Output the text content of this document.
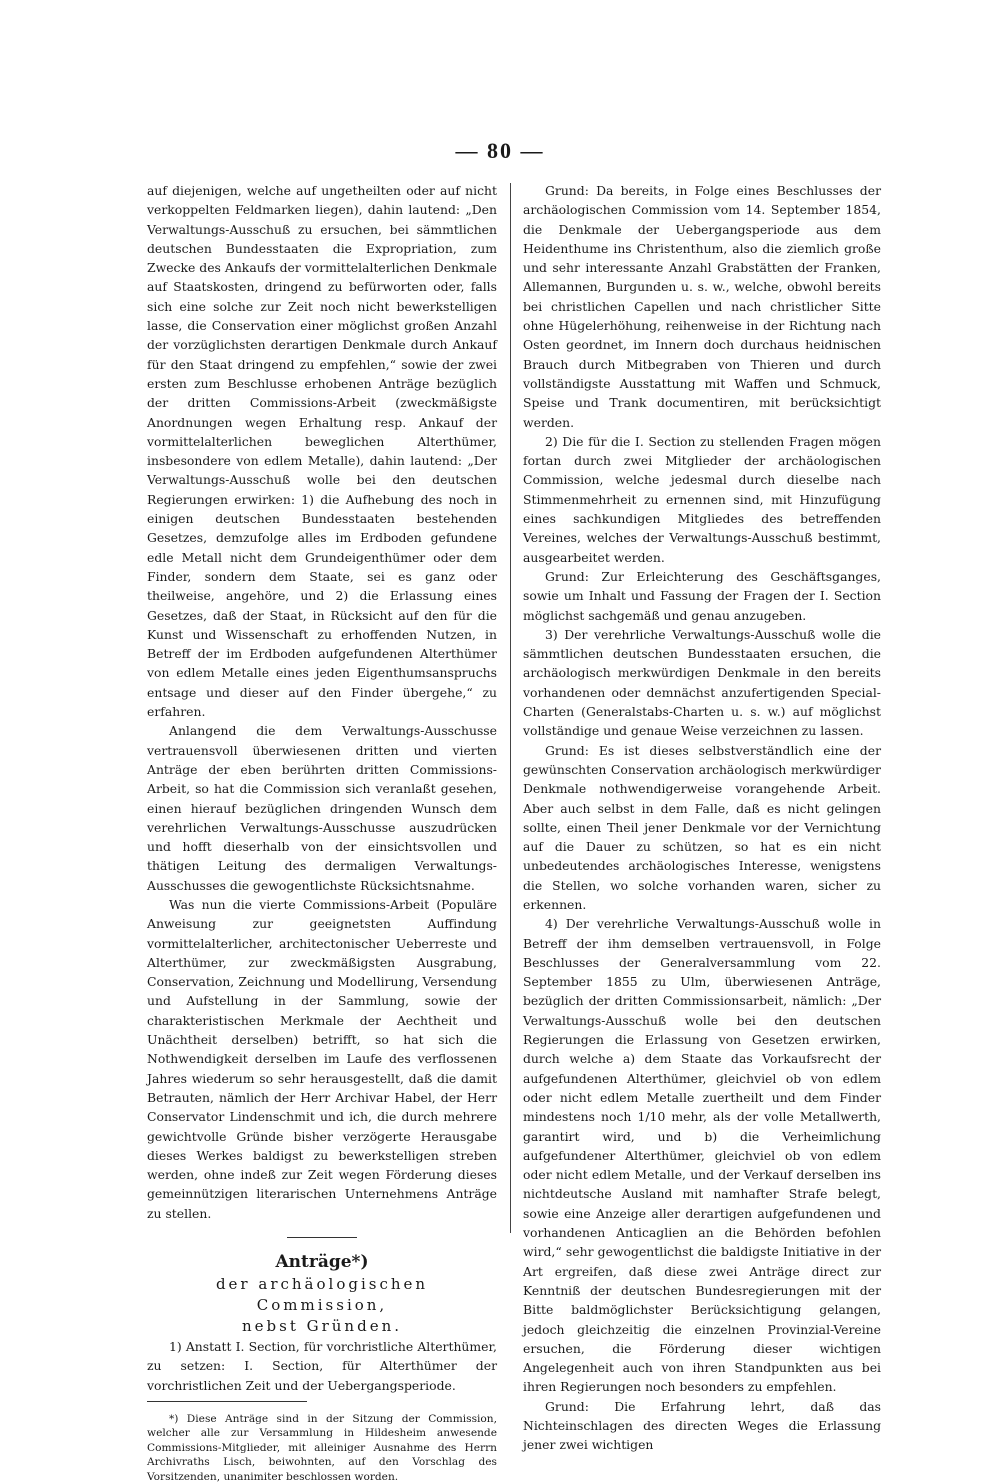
— 80 —

auf diejenigen, welche auf ungetheilten oder auf nicht verkoppelten Feldmarken liegen), dahin lautend: „Den Verwaltungs-Ausschuß zu ersuchen, bei sämmtlichen deutschen Bundesstaaten die Expropriation, zum Zwecke des Ankaufs der vormittelalterlichen Denkmale auf Staatskosten, dringend zu befürworten oder, falls sich eine solche zur Zeit noch nicht bewerkstelligen lasse, die Conservation einer möglichst großen Anzahl der vorzüglichsten derartigen Denkmale durch Ankauf für den Staat dringend zu empfehlen,“ sowie der zwei ersten zum Beschlusse erhobenen Anträge bezüglich der dritten Commissions-Arbeit (zweckmäßigste Anordnungen wegen Erhaltung resp. Ankauf der vormittelalterlichen beweglichen Alterthümer, insbesondere von edlem Metalle), dahin lautend: „Der Verwaltungs-Ausschuß wolle bei den deutschen Regierungen erwirken: 1) die Aufhebung des noch in einigen deutschen Bundesstaaten bestehenden Gesetzes, demzufolge alles im Erdboden gefundene edle Metall nicht dem Grundeigenthümer oder dem Finder, sondern dem Staate, sei es ganz oder theilweise, angehöre, und 2) die Erlassung eines Gesetzes, daß der Staat, in Rücksicht auf den für die Kunst und Wissenschaft zu erhoffenden Nutzen, in Betreff der im Erdboden aufgefundenen Alterthümer von edlem Metalle eines jeden Eigenthumsanspruchs entsage und dieser auf den Finder übergehe,“ zu erfahren.

Anlangend die dem Verwaltungs-Ausschusse vertrauensvoll überwiesenen dritten und vierten Anträge der eben berührten dritten Commissions-Arbeit, so hat die Commission sich veranlaßt gesehen, einen hierauf bezüglichen dringenden Wunsch dem verehrlichen Verwaltungs-Ausschusse auszudrücken und hofft dieserhalb von der einsichtsvollen und thätigen Leitung des dermaligen Verwaltungs-Ausschusses die gewogentlichste Rücksichtsnahme.

Was nun die vierte Commissions-Arbeit (Populäre Anweisung zur geeignetsten Auffindung vormittelalterlicher, architectonischer Ueberreste und Alterthümer, zur zweckmäßigsten Ausgrabung, Conservation, Zeichnung und Modellirung, Versendung und Aufstellung in der Sammlung, sowie der charakteristischen Merkmale der Aechtheit und Unächtheit derselben) betrifft, so hat sich die Nothwendigkeit derselben im Laufe des verflossenen Jahres wiederum so sehr herausgestellt, daß die damit Betrauten, nämlich der Herr Archivar Habel, der Herr Conservator Lindenschmit und ich, die durch mehrere gewichtvolle Gründe bisher verzögerte Herausgabe dieses Werkes baldigst zu bewerkstelligen streben werden, ohne indeß zur Zeit wegen Förderung dieses gemeinnützigen literarischen Unternehmens Anträge zu stellen.

Anträge*)

der archäologischen Commission,

nebst Gründen.

1) Anstatt I. Section, für vorchristliche Alterthümer, zu setzen: I. Section, für Alterthümer der vorchristlichen Zeit und der Uebergangsperiode.

*) Diese Anträge sind in der Sitzung der Commission, welcher alle zur Versammlung in Hildesheim anwesende Commissions-Mitglieder, mit alleiniger Ausnahme des Herrn Archivraths Lisch, beiwohnten, auf den Vorschlag des Vorsitzenden, unanimiter beschlossen worden.

Grund: Da bereits, in Folge eines Beschlusses der archäologischen Commission vom 14. September 1854, die Denkmale der Uebergangsperiode aus dem Heidenthume ins Christenthum, also die ziemlich große und sehr interessante Anzahl Grabstätten der Franken, Allemannen, Burgunden u. s. w., welche, obwohl bereits bei christlichen Capellen und nach christlicher Sitte ohne Hügelerhöhung, reihenweise in der Richtung nach Osten geordnet, im Innern doch durchaus heidnischen Brauch durch Mitbegraben von Thieren und durch vollständigste Ausstattung mit Waffen und Schmuck, Speise und Trank documentiren, mit berücksichtigt werden.

2) Die für die I. Section zu stellenden Fragen mögen fortan durch zwei Mitglieder der archäologischen Commission, welche jedesmal durch dieselbe nach Stimmenmehrheit zu ernennen sind, mit Hinzufügung eines sachkundigen Mitgliedes des betreffenden Vereines, welches der Verwaltungs-Ausschuß bestimmt, ausgearbeitet werden.

Grund: Zur Erleichterung des Geschäftsganges, sowie um Inhalt und Fassung der Fragen der I. Section möglichst sachgemäß und genau anzugeben.

3) Der verehrliche Verwaltungs-Ausschuß wolle die sämmtlichen deutschen Bundesstaaten ersuchen, die archäologisch merkwürdigen Denkmale in den bereits vorhandenen oder demnächst anzufertigenden Special-Charten (Generalstabs-Charten u. s. w.) auf möglichst vollständige und genaue Weise verzeichnen zu lassen.

Grund: Es ist dieses selbstverständlich eine der gewünschten Conservation archäologisch merkwürdiger Denkmale nothwendigerweise vorangehende Arbeit. Aber auch selbst in dem Falle, daß es nicht gelingen sollte, einen Theil jener Denkmale vor der Vernichtung auf die Dauer zu schützen, so hat es ein nicht unbedeutendes archäologisches Interesse, wenigstens die Stellen, wo solche vorhanden waren, sicher zu erkennen.

4) Der verehrliche Verwaltungs-Ausschuß wolle in Betreff der ihm demselben vertrauensvoll, in Folge Beschlusses der Generalversammlung vom 22. September 1855 zu Ulm, überwiesenen Anträge, bezüglich der dritten Commissionsarbeit, nämlich: „Der Verwaltungs-Ausschuß wolle bei den deutschen Regierungen die Erlassung von Gesetzen erwirken, durch welche a) dem Staate das Vorkaufsrecht der aufgefundenen Alterthümer, gleichviel ob von edlem oder nicht edlem Metalle zuertheilt und dem Finder mindestens noch 1/10 mehr, als der volle Metallwerth, garantirt wird, und b) die Verheimlichung aufgefundener Alterthümer, gleichviel ob von edlem oder nicht edlem Metalle, und der Verkauf derselben ins nichtdeutsche Ausland mit namhafter Strafe belegt, sowie eine Anzeige aller derartigen aufgefundenen und vorhandenen Anticaglien an die Behörden befohlen wird,“ sehr gewogentlichst die baldigste Initiative in der Art ergreifen, daß diese zwei Anträge direct zur Kenntniß der deutschen Bundesregierungen mit der Bitte baldmöglichster Berücksichtigung gelangen, jedoch gleichzeitig die einzelnen Provinzial-Vereine ersuchen, die Förderung dieser wichtigen Angelegenheit auch von ihren Standpunkten aus bei ihren Regierungen noch besonders zu empfehlen.

Grund: Die Erfahrung lehrt, daß das Nichteinschlagen des directen Weges die Erlassung jener zwei wichtigen
